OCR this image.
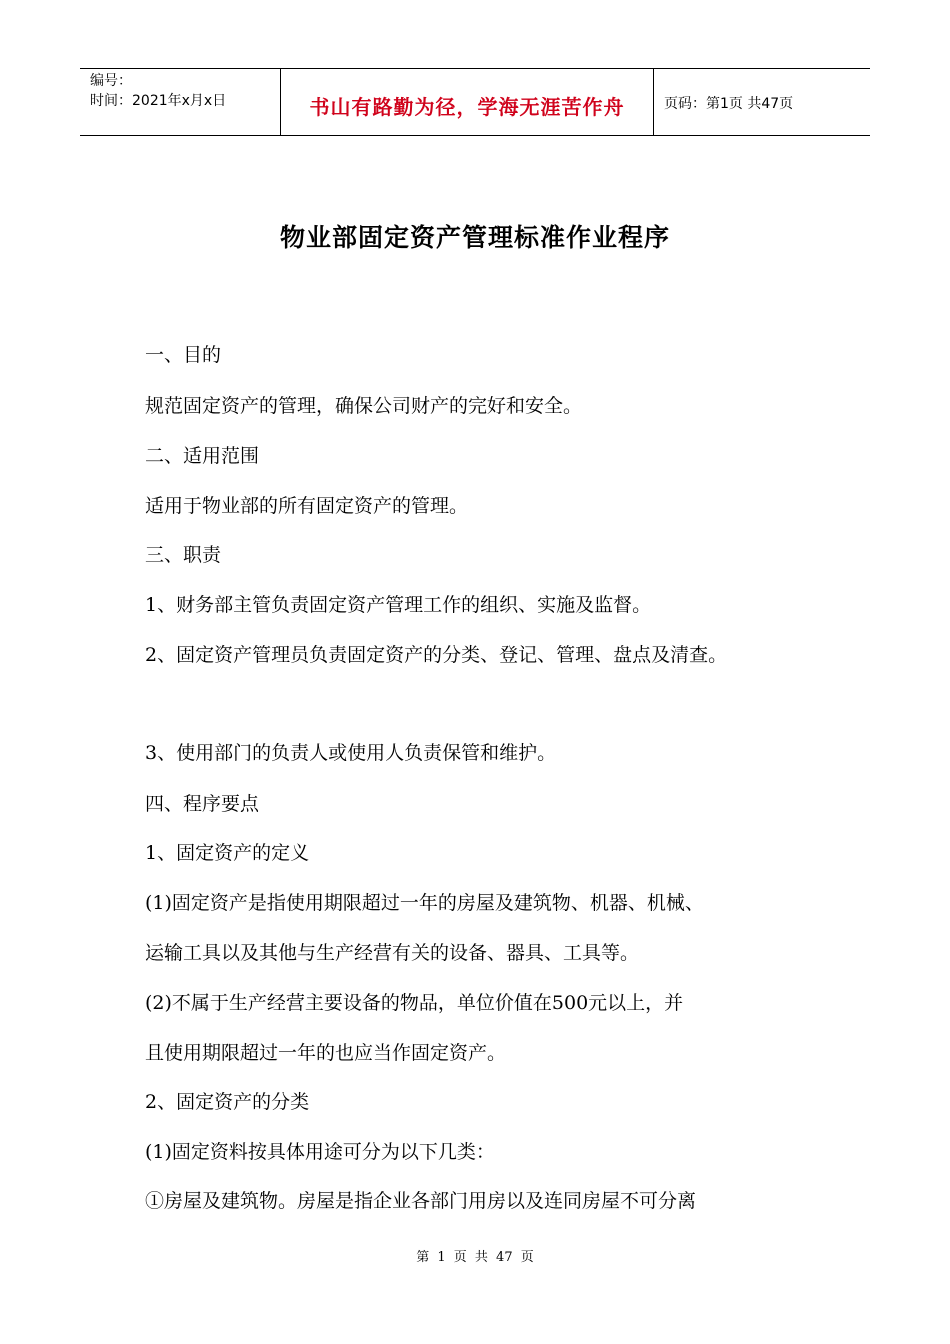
编号：
时间：2021年x月x日	书山有路勤为径，学海无涯苦作舟	页码：第1页 共47页
物业部固定资产管理标准作业程序
一、目的
规范固定资产的管理，确保公司财产的完好和安全。
二、适用范围
适用于物业部的所有固定资产的管理。
三、职责
1、财务部主管负责固定资产管理工作的组织、实施及监督。
2、固定资产管理员负责固定资产的分类、登记、管理、盘点及清查。
3、使用部门的负责人或使用人负责保管和维护。
四、程序要点
1、固定资产的定义
(1)固定资产是指使用期限超过一年的房屋及建筑物、机器、机械、
运输工具以及其他与生产经营有关的设备、器具、工具等。
(2)不属于生产经营主要设备的物品，单位价值在500元以上，并
且使用期限超过一年的也应当作固定资产。
2、固定资产的分类
(1)固定资料按具体用途可分为以下几类：
①房屋及建筑物。房屋是指企业各部门用房以及连同房屋不可分离
第 1 页 共 47 页
